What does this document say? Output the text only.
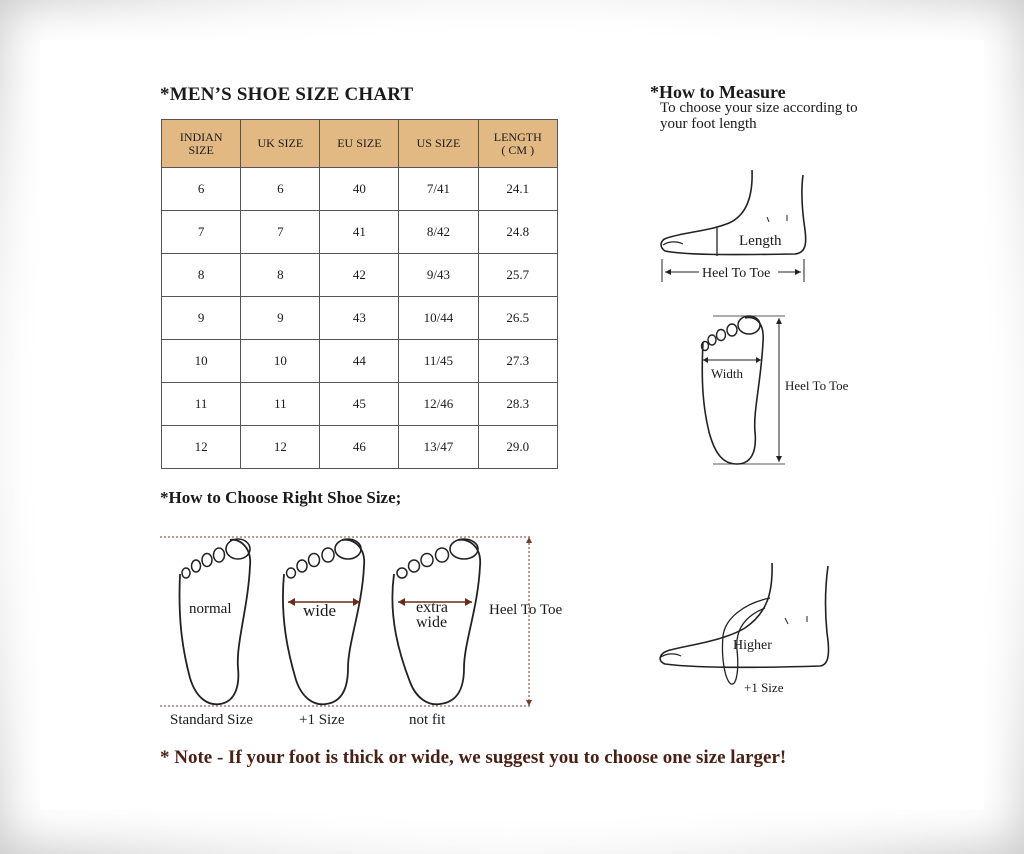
*MEN’S SHOE SIZE CHART
INDIAN
SIZE	UK SIZE	EU SIZE	US SIZE	LENGTH
( CM )
6	6	40	7/41	24.1
7	7	41	8/42	24.8
8	8	42	9/43	25.7
9	9	43	10/44	26.5
10	10	44	11/45	27.3
11	11	45	12/46	28.3
12	12	46	13/47	29.0
*How to Measure
To choose your size according to
your foot length
Length
Heel To Toe
Width
Heel To Toe
Higher
+1 Size
*How to Choose Right Shoe Size;
Heel To Toe
normal
Standard Size
wide
+1 Size
extra
wide
not fit
* Note - If your foot is thick or wide, we suggest you to choose one size larger!
